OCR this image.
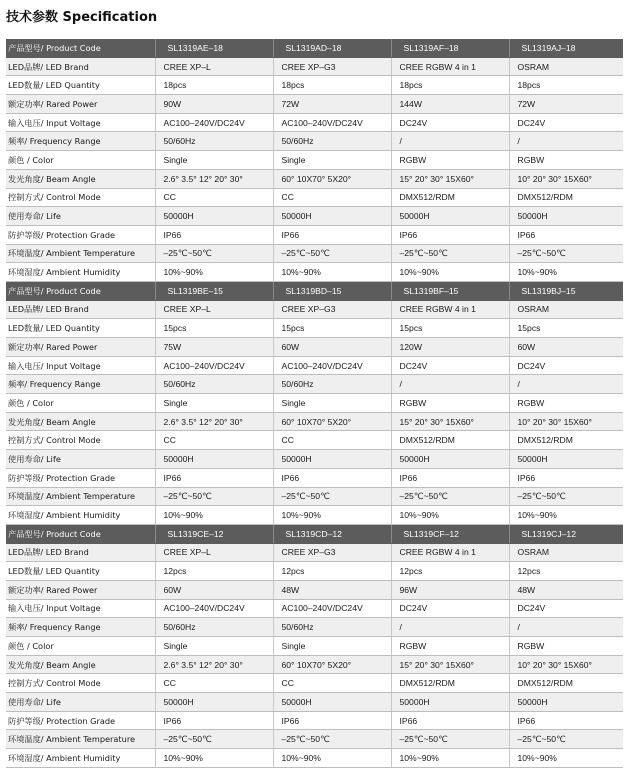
技术参数 Specification
产品型号/ Product Code	SL1319AE–18	SL1319AD–18	SL1319AF–18	SL1319AJ–18
LED品牌/ LED Brand	CREE XP–L	CREE XP–G3	CREE RGBW 4 in 1	OSRAM
LED数量/ LED Quantity	18pcs	18pcs	18pcs	18pcs
额定功率/ Rared Power	90W	72W	144W	72W
输入电压/ Input Voltage	AC100–240V/DC24V	AC100–240V/DC24V	DC24V	DC24V
频率/ Frequency Range	50/60Hz	50/60Hz	/	/
颜色 / Color	Single	Single	RGBW	RGBW
发光角度/ Beam Angle	2.6° 3.5° 12° 20° 30°	60° 10X70° 5X20°	15° 20° 30° 15X60°	10° 20° 30° 15X60°
控制方式/ Control Mode	CC	CC	DMX512/RDM	DMX512/RDM
使用寿命/ Life	50000H	50000H	50000H	50000H
防护等级/ Protection Grade	IP66	IP66	IP66	IP66
环境温度/ Ambient Temperature	–25℃~50℃	–25℃~50℃	–25℃~50℃	–25℃~50℃
环境湿度/ Ambient Humidity	10%~90%	10%~90%	10%~90%	10%~90%
产品型号/ Product Code	SL1319BE–15	SL1319BD–15	SL1319BF–15	SL1319BJ–15
LED品牌/ LED Brand	CREE XP–L	CREE XP–G3	CREE RGBW 4 in 1	OSRAM
LED数量/ LED Quantity	15pcs	15pcs	15pcs	15pcs
额定功率/ Rared Power	75W	60W	120W	60W
输入电压/ Input Voltage	AC100–240V/DC24V	AC100–240V/DC24V	DC24V	DC24V
频率/ Frequency Range	50/60Hz	50/60Hz	/	/
颜色 / Color	Single	Single	RGBW	RGBW
发光角度/ Beam Angle	2.6° 3.5° 12° 20° 30°	60° 10X70° 5X20°	15° 20° 30° 15X60°	10° 20° 30° 15X60°
控制方式/ Control Mode	CC	CC	DMX512/RDM	DMX512/RDM
使用寿命/ Life	50000H	50000H	50000H	50000H
防护等级/ Protection Grade	IP66	IP66	IP66	IP66
环境温度/ Ambient Temperature	–25℃~50℃	–25℃~50℃	–25℃~50℃	–25℃~50℃
环境湿度/ Ambient Humidity	10%~90%	10%~90%	10%~90%	10%~90%
产品型号/ Product Code	SL1319CE–12	SL1319CD–12	SL1319CF–12	SL1319CJ–12
LED品牌/ LED Brand	CREE XP–L	CREE XP–G3	CREE RGBW 4 in 1	OSRAM
LED数量/ LED Quantity	12pcs	12pcs	12pcs	12pcs
额定功率/ Rared Power	60W	48W	96W	48W
输入电压/ Input Voltage	AC100–240V/DC24V	AC100–240V/DC24V	DC24V	DC24V
频率/ Frequency Range	50/60Hz	50/60Hz	/	/
颜色 / Color	Single	Single	RGBW	RGBW
发光角度/ Beam Angle	2.6° 3.5° 12° 20° 30°	60° 10X70° 5X20°	15° 20° 30° 15X60°	10° 20° 30° 15X60°
控制方式/ Control Mode	CC	CC	DMX512/RDM	DMX512/RDM
使用寿命/ Life	50000H	50000H	50000H	50000H
防护等级/ Protection Grade	IP66	IP66	IP66	IP66
环境温度/ Ambient Temperature	–25℃~50℃	–25℃~50℃	–25℃~50℃	–25℃~50℃
环境湿度/ Ambient Humidity	10%~90%	10%~90%	10%~90%	10%~90%
